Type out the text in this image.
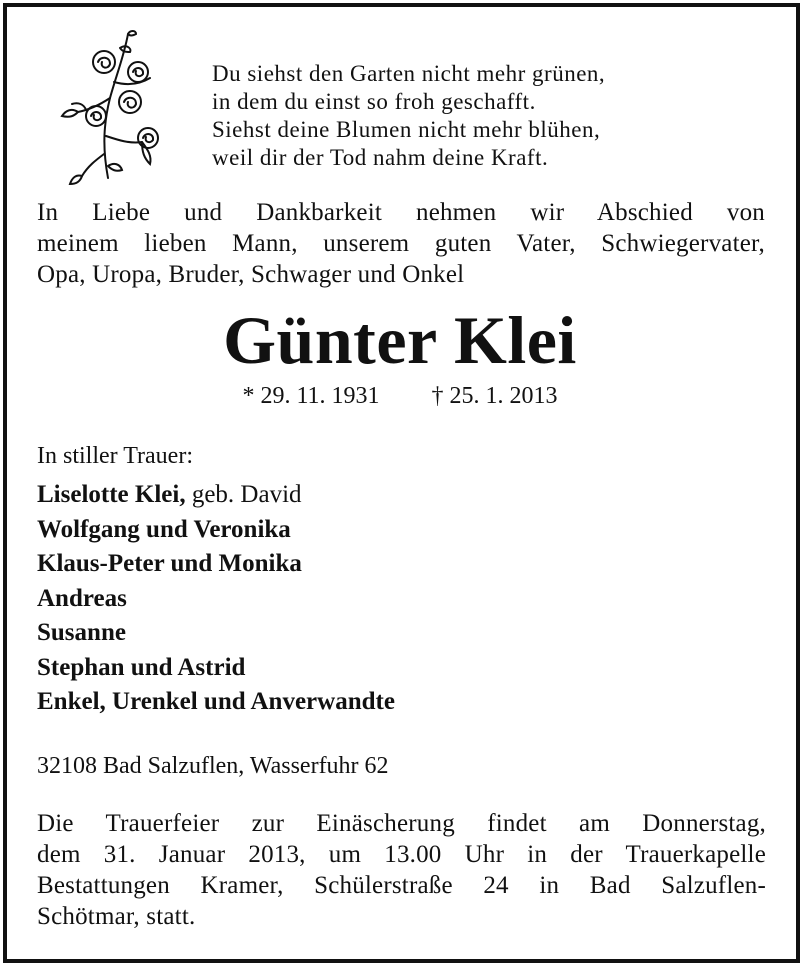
Du siehst den Garten nicht mehr grünen,
in dem du einst so froh geschafft.
Siehst deine Blumen nicht mehr blühen,
weil dir der Tod nahm deine Kraft.
In Liebe und Dankbarkeit nehmen wir Abschied von
meinem lieben Mann, unserem guten Vater, Schwiegervater,
Opa, Uropa, Bruder, Schwager und Onkel
Günter Klei
* 29. 11. 1931 † 25. 1. 2013
In stiller Trauer:
Liselotte Klei, geb. David
Wolfgang und Veronika
Klaus-Peter und Monika
Andreas
Susanne
Stephan und Astrid
Enkel, Urenkel und Anverwandte
32108 Bad Salzuflen, Wasserfuhr 62
Die Trauerfeier zur Einäscherung findet am Donnerstag,
dem 31. Januar 2013, um 13.00 Uhr in der Trauerkapelle
Bestattungen Kramer, Schülerstraße 24 in Bad Salzuflen-
Schötmar, statt.
